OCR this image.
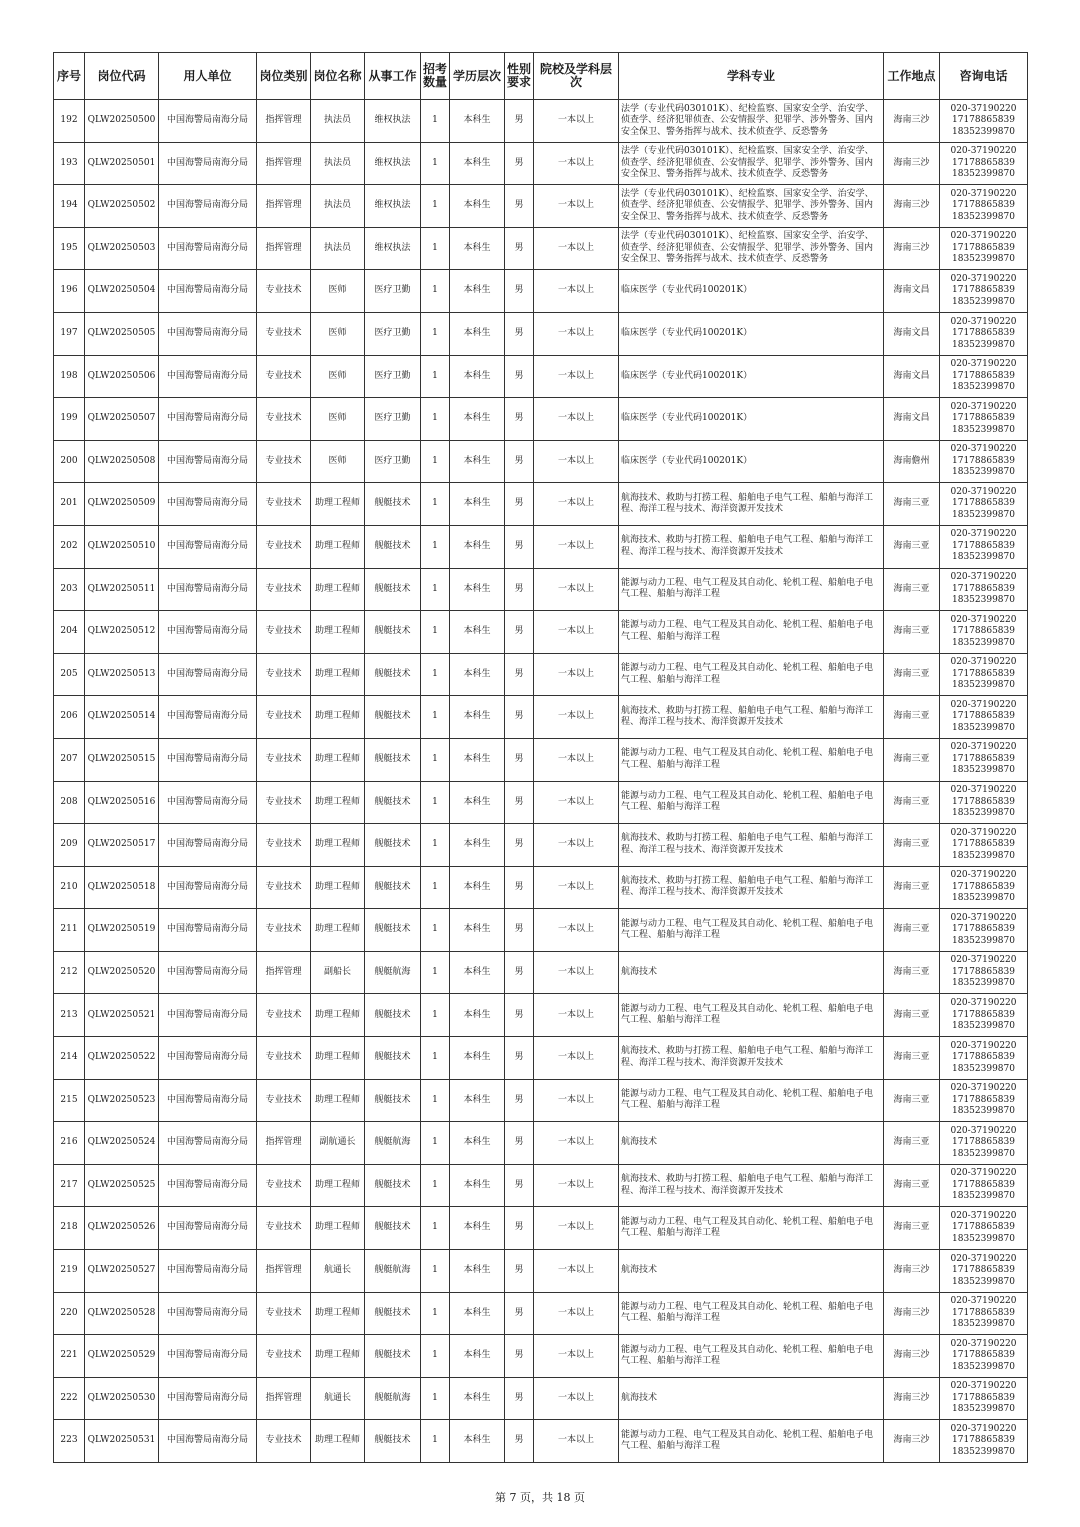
序号	岗位代码	用人单位	岗位类别	岗位名称	从事工作	招考数量	学历层次	性别要求	院校及学科层次	学科专业	工作地点	咨询电话
192	QLW20250500	中国海警局南海分局	指挥管理	执法员	维权执法	1	本科生	男	一本以上	法学（专业代码030101K）、纪检监察、国家安全学、治安学、侦查学、经济犯罪侦查、公安情报学、犯罪学、涉外警务、国内安全保卫、警务指挥与战术、技术侦查学、反恐警务	海南三沙	020-37190220
17178865839
18352399870

193	QLW20250501	中国海警局南海分局	指挥管理	执法员	维权执法	1	本科生	男	一本以上	法学（专业代码030101K）、纪检监察、国家安全学、治安学、侦查学、经济犯罪侦查、公安情报学、犯罪学、涉外警务、国内安全保卫、警务指挥与战术、技术侦查学、反恐警务	海南三沙	020-37190220
17178865839
18352399870

194	QLW20250502	中国海警局南海分局	指挥管理	执法员	维权执法	1	本科生	男	一本以上	法学（专业代码030101K）、纪检监察、国家安全学、治安学、侦查学、经济犯罪侦查、公安情报学、犯罪学、涉外警务、国内安全保卫、警务指挥与战术、技术侦查学、反恐警务	海南三沙	020-37190220
17178865839
18352399870

195	QLW20250503	中国海警局南海分局	指挥管理	执法员	维权执法	1	本科生	男	一本以上	法学（专业代码030101K）、纪检监察、国家安全学、治安学、侦查学、经济犯罪侦查、公安情报学、犯罪学、涉外警务、国内安全保卫、警务指挥与战术、技术侦查学、反恐警务	海南三沙	020-37190220
17178865839
18352399870

196	QLW20250504	中国海警局南海分局	专业技术	医师	医疗卫勤	1	本科生	男	一本以上	临床医学（专业代码100201K）	海南文昌	020-37190220
17178865839
18352399870

197	QLW20250505	中国海警局南海分局	专业技术	医师	医疗卫勤	1	本科生	男	一本以上	临床医学（专业代码100201K）	海南文昌	020-37190220
17178865839
18352399870

198	QLW20250506	中国海警局南海分局	专业技术	医师	医疗卫勤	1	本科生	男	一本以上	临床医学（专业代码100201K）	海南文昌	020-37190220
17178865839
18352399870

199	QLW20250507	中国海警局南海分局	专业技术	医师	医疗卫勤	1	本科生	男	一本以上	临床医学（专业代码100201K）	海南文昌	020-37190220
17178865839
18352399870

200	QLW20250508	中国海警局南海分局	专业技术	医师	医疗卫勤	1	本科生	男	一本以上	临床医学（专业代码100201K）	海南儋州	020-37190220
17178865839
18352399870

201	QLW20250509	中国海警局南海分局	专业技术	助理工程师	舰艇技术	1	本科生	男	一本以上	航海技术、救助与打捞工程、船舶电子电气工程、船舶与海洋工程、海洋工程与技术、海洋资源开发技术	海南三亚	020-37190220
17178865839
18352399870

202	QLW20250510	中国海警局南海分局	专业技术	助理工程师	舰艇技术	1	本科生	男	一本以上	航海技术、救助与打捞工程、船舶电子电气工程、船舶与海洋工程、海洋工程与技术、海洋资源开发技术	海南三亚	020-37190220
17178865839
18352399870

203	QLW20250511	中国海警局南海分局	专业技术	助理工程师	舰艇技术	1	本科生	男	一本以上	能源与动力工程、电气工程及其自动化、轮机工程、船舶电子电气工程、船舶与海洋工程	海南三亚	020-37190220
17178865839
18352399870

204	QLW20250512	中国海警局南海分局	专业技术	助理工程师	舰艇技术	1	本科生	男	一本以上	能源与动力工程、电气工程及其自动化、轮机工程、船舶电子电气工程、船舶与海洋工程	海南三亚	020-37190220
17178865839
18352399870

205	QLW20250513	中国海警局南海分局	专业技术	助理工程师	舰艇技术	1	本科生	男	一本以上	能源与动力工程、电气工程及其自动化、轮机工程、船舶电子电气工程、船舶与海洋工程	海南三亚	020-37190220
17178865839
18352399870

206	QLW20250514	中国海警局南海分局	专业技术	助理工程师	舰艇技术	1	本科生	男	一本以上	航海技术、救助与打捞工程、船舶电子电气工程、船舶与海洋工程、海洋工程与技术、海洋资源开发技术	海南三亚	020-37190220
17178865839
18352399870

207	QLW20250515	中国海警局南海分局	专业技术	助理工程师	舰艇技术	1	本科生	男	一本以上	能源与动力工程、电气工程及其自动化、轮机工程、船舶电子电气工程、船舶与海洋工程	海南三亚	020-37190220
17178865839
18352399870

208	QLW20250516	中国海警局南海分局	专业技术	助理工程师	舰艇技术	1	本科生	男	一本以上	能源与动力工程、电气工程及其自动化、轮机工程、船舶电子电气工程、船舶与海洋工程	海南三亚	020-37190220
17178865839
18352399870

209	QLW20250517	中国海警局南海分局	专业技术	助理工程师	舰艇技术	1	本科生	男	一本以上	航海技术、救助与打捞工程、船舶电子电气工程、船舶与海洋工程、海洋工程与技术、海洋资源开发技术	海南三亚	020-37190220
17178865839
18352399870

210	QLW20250518	中国海警局南海分局	专业技术	助理工程师	舰艇技术	1	本科生	男	一本以上	航海技术、救助与打捞工程、船舶电子电气工程、船舶与海洋工程、海洋工程与技术、海洋资源开发技术	海南三亚	020-37190220
17178865839
18352399870

211	QLW20250519	中国海警局南海分局	专业技术	助理工程师	舰艇技术	1	本科生	男	一本以上	能源与动力工程、电气工程及其自动化、轮机工程、船舶电子电气工程、船舶与海洋工程	海南三亚	020-37190220
17178865839
18352399870

212	QLW20250520	中国海警局南海分局	指挥管理	副船长	舰艇航海	1	本科生	男	一本以上	航海技术	海南三亚	020-37190220
17178865839
18352399870

213	QLW20250521	中国海警局南海分局	专业技术	助理工程师	舰艇技术	1	本科生	男	一本以上	能源与动力工程、电气工程及其自动化、轮机工程、船舶电子电气工程、船舶与海洋工程	海南三亚	020-37190220
17178865839
18352399870

214	QLW20250522	中国海警局南海分局	专业技术	助理工程师	舰艇技术	1	本科生	男	一本以上	航海技术、救助与打捞工程、船舶电子电气工程、船舶与海洋工程、海洋工程与技术、海洋资源开发技术	海南三亚	020-37190220
17178865839
18352399870

215	QLW20250523	中国海警局南海分局	专业技术	助理工程师	舰艇技术	1	本科生	男	一本以上	能源与动力工程、电气工程及其自动化、轮机工程、船舶电子电气工程、船舶与海洋工程	海南三亚	020-37190220
17178865839
18352399870

216	QLW20250524	中国海警局南海分局	指挥管理	副航通长	舰艇航海	1	本科生	男	一本以上	航海技术	海南三亚	020-37190220
17178865839
18352399870

217	QLW20250525	中国海警局南海分局	专业技术	助理工程师	舰艇技术	1	本科生	男	一本以上	航海技术、救助与打捞工程、船舶电子电气工程、船舶与海洋工程、海洋工程与技术、海洋资源开发技术	海南三亚	020-37190220
17178865839
18352399870

218	QLW20250526	中国海警局南海分局	专业技术	助理工程师	舰艇技术	1	本科生	男	一本以上	能源与动力工程、电气工程及其自动化、轮机工程、船舶电子电气工程、船舶与海洋工程	海南三亚	020-37190220
17178865839
18352399870

219	QLW20250527	中国海警局南海分局	指挥管理	航通长	舰艇航海	1	本科生	男	一本以上	航海技术	海南三沙	020-37190220
17178865839
18352399870

220	QLW20250528	中国海警局南海分局	专业技术	助理工程师	舰艇技术	1	本科生	男	一本以上	能源与动力工程、电气工程及其自动化、轮机工程、船舶电子电气工程、船舶与海洋工程	海南三沙	020-37190220
17178865839
18352399870

221	QLW20250529	中国海警局南海分局	专业技术	助理工程师	舰艇技术	1	本科生	男	一本以上	能源与动力工程、电气工程及其自动化、轮机工程、船舶电子电气工程、船舶与海洋工程	海南三沙	020-37190220
17178865839
18352399870

222	QLW20250530	中国海警局南海分局	指挥管理	航通长	舰艇航海	1	本科生	男	一本以上	航海技术	海南三沙	020-37190220
17178865839
18352399870

223	QLW20250531	中国海警局南海分局	专业技术	助理工程师	舰艇技术	1	本科生	男	一本以上	能源与动力工程、电气工程及其自动化、轮机工程、船舶电子电气工程、船舶与海洋工程	海南三沙	020-37190220
17178865839
18352399870
第 7 页，共 18 页
